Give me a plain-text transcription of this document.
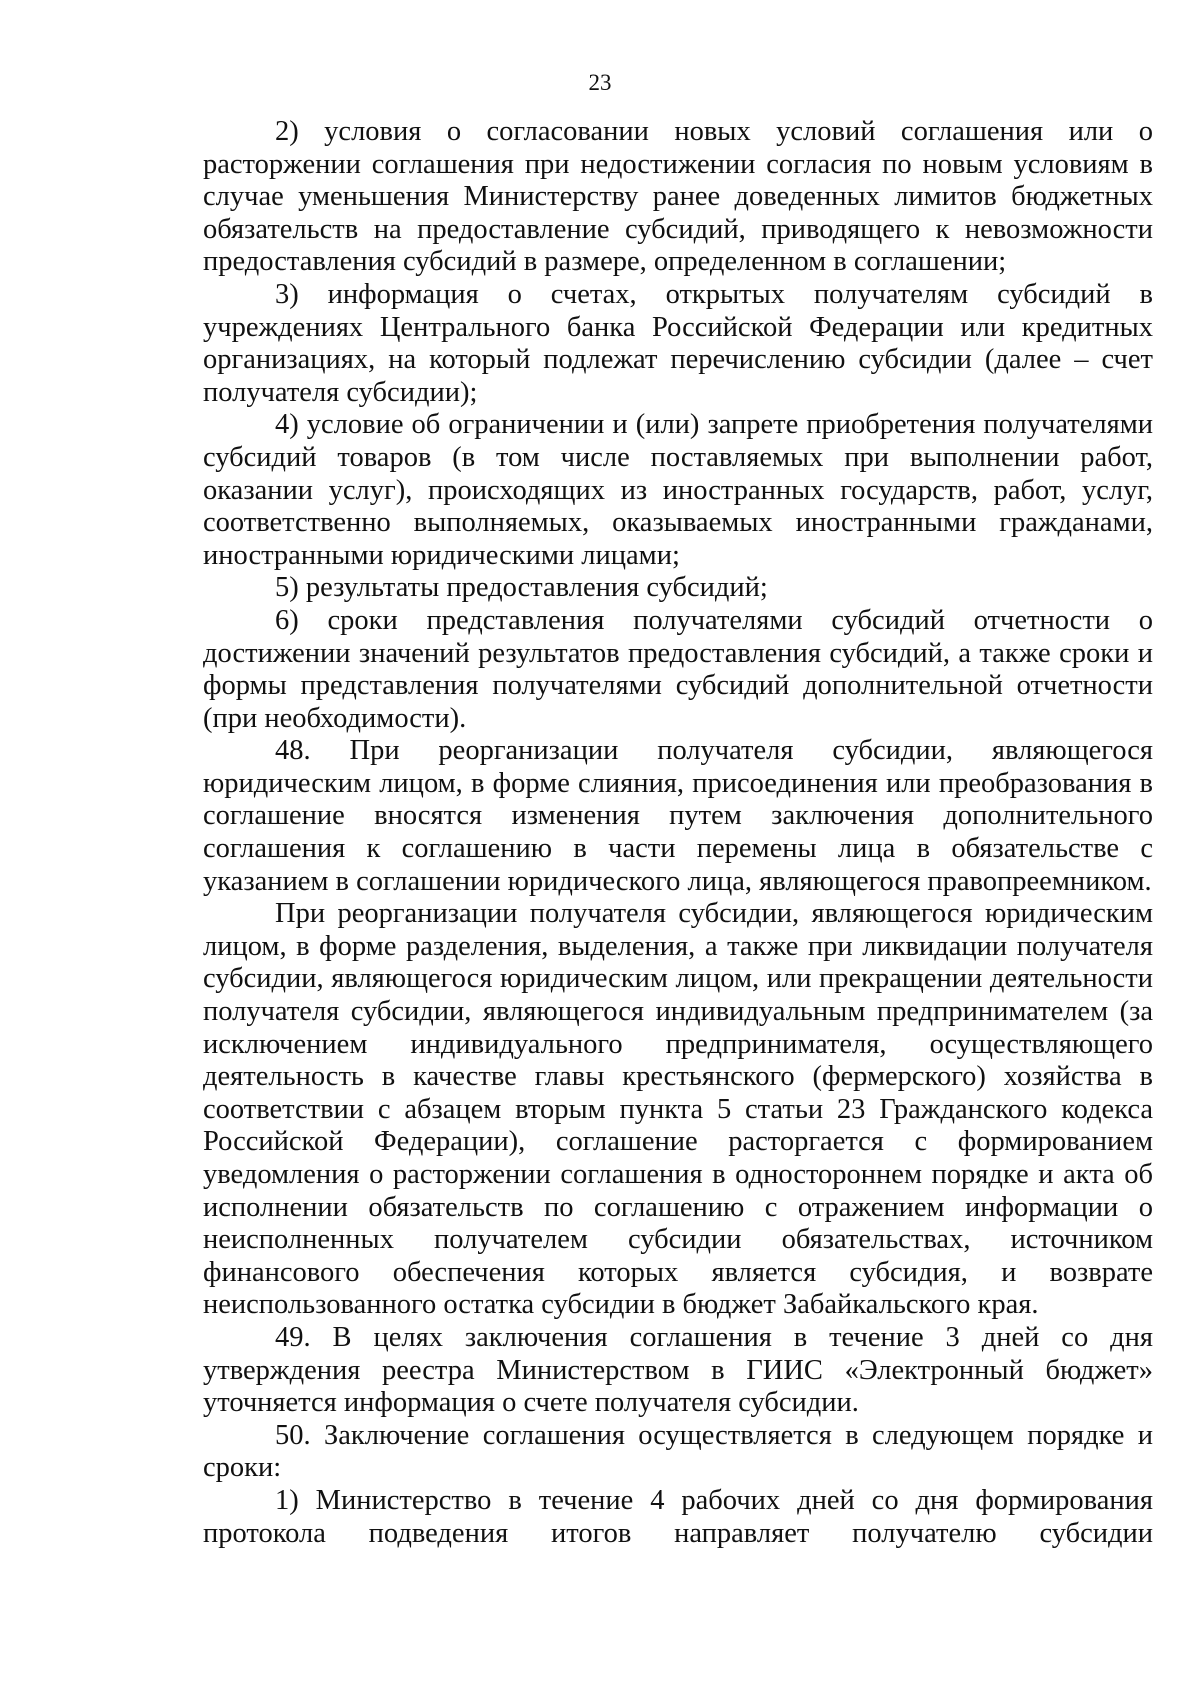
23

2) условия о согласовании новых условий соглашения или о расторжении соглашения при недостижении согласия по новым условиям в случае уменьшения Министерству ранее доведенных лимитов бюджетных обязательств на предоставление субсидий, приводящего к невозможности предоставления субсидий в размере, определенном в соглашении;

3) информация о счетах, открытых получателям субсидий в учреждениях Центрального банка Российской Федерации или кредитных организациях, на который подлежат перечислению субсидии (далее – счет получателя субсидии);

4) условие об ограничении и (или) запрете приобретения получателями субсидий товаров (в том числе поставляемых при выполнении работ, оказании услуг), происходящих из иностранных государств, работ, услуг, соответственно выполняемых, оказываемых иностранными гражданами, иностранными юридическими лицами;

5) результаты предоставления субсидий;

6) сроки представления получателями субсидий отчетности о достижении значений результатов предоставления субсидий, а также сроки и формы представления получателями субсидий дополнительной отчетности (при необходимости).

48. При реорганизации получателя субсидии, являющегося юридическим лицом, в форме слияния, присоединения или преобразования в соглашение вносятся изменения путем заключения дополнительного соглашения к соглашению в части перемены лица в обязательстве с указанием в соглашении юридического лица, являющегося правопреемником.

При реорганизации получателя субсидии, являющегося юридическим лицом, в форме разделения, выделения, а также при ликвидации получателя субсидии, являющегося юридическим лицом, или прекращении деятельности получателя субсидии, являющегося индивидуальным предпринимателем (за исключением индивидуального предпринимателя, осуществляющего деятельность в качестве главы крестьянского (фермерского) хозяйства в соответствии с абзацем вторым пункта 5 статьи 23 Гражданского кодекса Российской Федерации), соглашение расторгается с формированием уведомления о расторжении соглашения в одностороннем порядке и акта об исполнении обязательств по соглашению с отражением информации о неисполненных получателем субсидии обязательствах, источником финансового обеспечения которых является субсидия, и возврате неиспользованного остатка субсидии в бюджет Забайкальского края.

49. В целях заключения соглашения в течение 3 дней со дня утверждения реестра Министерством в ГИИС «Электронный бюджет» уточняется информация о счете получателя субсидии.

50. Заключение соглашения осуществляется в следующем порядке и сроки:

1) Министерство в течение 4 рабочих дней со дня формирования протокола подведения итогов направляет получателю субсидии
